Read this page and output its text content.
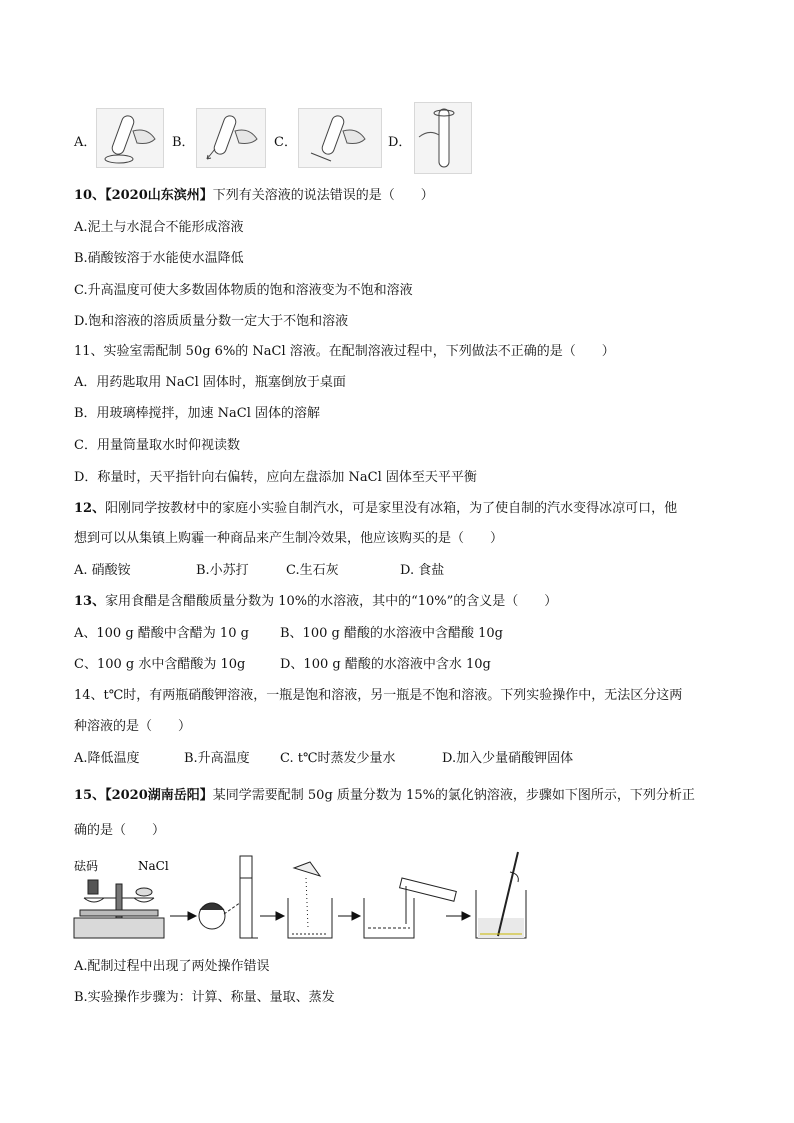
A．	B．	C．	D．
10、【2020山东滨州】下列有关溶液的说法错误的是（　　）
A.泥土与水混合不能形成溶液
B.硝酸铵溶于水能使水温降低
C.升高温度可使大多数固体物质的饱和溶液变为不饱和溶液
D.饱和溶液的溶质质量分数一定大于不饱和溶液
11、实验室需配制 50g 6%的 NaCl 溶液。在配制溶液过程中，下列做法不正确的是（　　）
A．用药匙取用 NaCl 固体时，瓶塞倒放于桌面
B．用玻璃棒搅拌，加速 NaCl 固体的溶解
C．用量筒量取水时仰视读数
D．称量时，天平指针向右偏转，应向左盘添加 NaCl 固体至天平平衡
12、阳刚同学按教材中的家庭小实验自制汽水，可是家里没有冰箱，为了使自制的汽水变得冰凉可口，他
想到可以从集镇上购霾一种商品来产生制冷效果，他应该购买的是（　　）
A. 硝酸铵	B.小苏打	C.生石灰	D. 食盐
13、家用食醋是含醋酸质量分数为 10%的水溶液，其中的“10%”的含义是（　　）
A、100 g 醋酸中含醋为 10 g B、100 g 醋酸的水溶液中含醋酸 10g
C、100 g 水中含醋酸为 10g	D、100 g 醋酸的水溶液中含水 10g
14、t℃时，有两瓶硝酸钾溶液，一瓶是饱和溶液，另一瓶是不饱和溶液。下列实验操作中，无法区分这两
种溶液的是（　　）
A.降低温度	B.升高温度 C. t℃时蒸发少量水	D.加入少量硝酸钾固体
15、【2020湖南岳阳】某同学需要配制 50g 质量分数为 15%的氯化钠溶液，步骤如下图所示，下列分析正
确的是（　　）
砝码	NaCl
A.配制过程中出现了两处操作错误
B.实验操作步骤为：计算、称量、量取、蒸发
